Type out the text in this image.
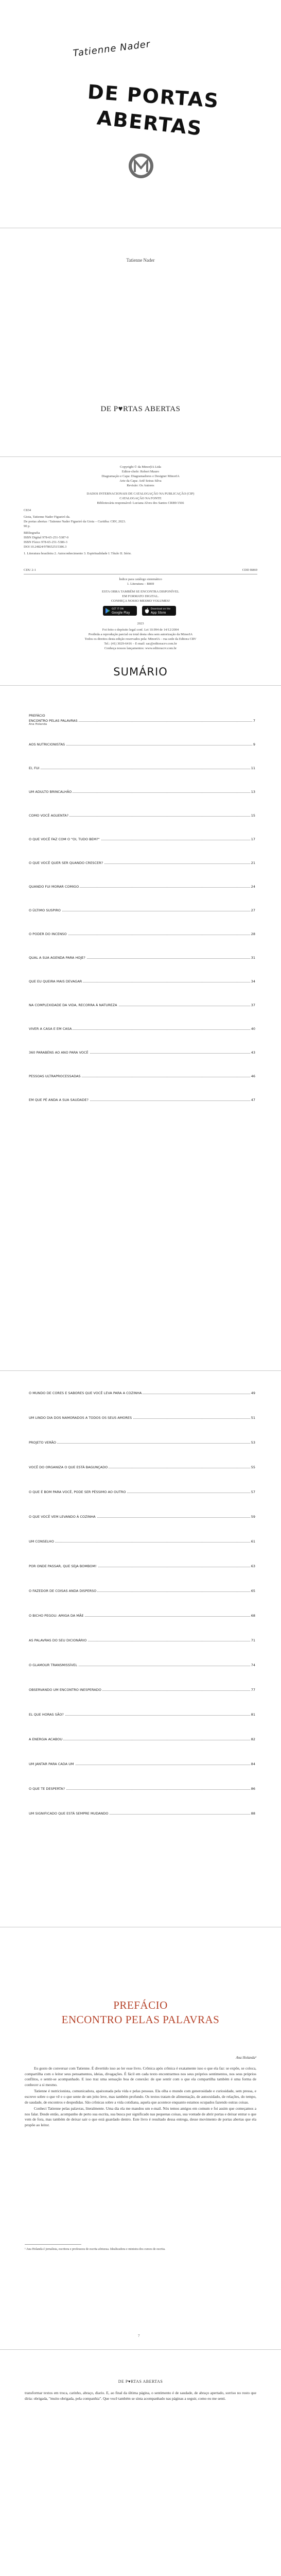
Tatienne Nader
DE PORTAS
ABERTAS
Tatienne Nader
DE P♥RTAS ABERTAS
Copyright © da Minor|IA Ltda
Editor-chefe: Robert Mauro
Diagramação e Capa: Diagramadores e Designer MinorIA
Arte da Capa: Ariê Seiras Silva
Revisão: Os Autores
DADOS INTERNACIONAIS DE CATALOGAÇÃO NA PUBLICAÇÃO (CIP)
CATALOGAÇÃO NA FONTE
Bibliotecária responsável: Luciana Alves dos Santos CRB9/1566
C834
Gioia, Tatienne Nader Figueiró da.
De portas abertas / Tatienne Nader Figueiró da Gioia – Curitiba: CRV, 2023.
90 p.
Bibliografia
ISBN Digital 978-65-251-5387-0
ISBN Físico 978-65-251-5386-3
DOI 10.24824/978652515386.3
1. Literatura brasileira 2. Autoconhecimento 3. Espiritualidade I. Título II. Série.
CDU 2-1	CDD B869
Índice para catálogo sistemático
1. Literatura – B869
ESTA OBRA TAMBÉM SE ENCONTRA DISPONÍVEL
EM FORMATO DIGITAL.
CONHEÇA NOSSO MESMO VOLUMES!
GET IT ON
Google Play
Download on the
App Store
2023
Foi feito o depósito legal conf. Lei 10.994 de 14/12/2004
Proibida a reprodução parcial ou total desta obra sem autorização da MinorIA
Todos os direitos desta edição reservados pela: MinorIA – rua sede da Editora CRV
Tel.: (41) 3029-6416 – E-mail: sac@editoracrv.com.br
Conheça nossos lançamentos: www.editoracrv.com.br
SUMÁRIO
PREFÁCIO
ENCONTRO PELAS PALAVRAS	7
Ana Holanda
AOS NUTRICIONISTAS	9
EI, FUI	11
UM ADULTO BRINCALHÃO	13
COMO VOCÊ AGUENTA?	15
O QUE VOCÊ FAZ COM O "OI, TUDO BEM?"	17
O QUE VOCÊ QUER SER QUANDO CRESCER?	21
QUANDO FUI MORAR COMIGO	24
O ÚLTIMO SUSPIRO	27
O PODER DO INCENSO	28
QUAL A SUA AGENDA PARA HOJE?	31
QUE EU QUEIRA MAIS DEVAGAR	34
NA COMPLEXIDADE DA VIDA, RECORRA À NATUREZA	37
VIVER A CASA E EM CASA	40
360 PARABÉNS AO ANO PARA VOCÊ	43
PESSOAS ULTRAPROCESSADAS	46
EM QUE PÉ ANDA A SUA SAUDADE?	47
O MUNDO DE CORES E SABORES QUE VOCÊ LEVA PARA A COZINHA	49
UM LINDO DIA DOS NAMORADOS A TODOS OS SEUS AMORES	51
PROJETO VERÃO	53
VOCÊ DO ORGANIZA O QUE ESTÁ BAGUNÇADO	55
O QUE É BOM PARA VOCÊ, PODE SER PÉSSIMO AO OUTRO	57
O QUE VOCÊ VEM LEVANDO À COZINHA	59
UM CONSELHO	61
POR ONDE PASSAR, QUE SEJA BOMBOM!	63
O FAZEDOR DE COISAS ANDA DISPERSO	65
O BICHO PEGOU: AMIGA DA MÃE	68
AS PALAVRAS DO SEU DICIONÁRIO	71
O GLAMOUR TRANSMISSÍVEL	74
OBSERVANDO UM ENCONTRO INESPERADO	77
EL QUE HORAS SÃO?	81
A ENERGIA ACABOU	82
UM JANTAR PARA CADA UM	84
O QUE TE DESPERTA?	86
UM SIGNIFICADO QUE ESTÁ SEMPRE MUDANDO	88
PREFÁCIO
ENCONTRO PELAS PALAVRAS
Ana Holanda¹

Eu gosto de conversar com Tatienne. É divertido isso ao ler esse livro. Crônica após crônica é exatamente isso o que ela faz: se expõe, se coloca, compartilha com o leitor seus pensamentos, ideias, divagações. É fácil em cada texto encontrarmos nos seus próprios sentimentos, nos seus próprios conflitos, e sentir-se acompanhado. E isso traz uma sensação boa de conexão: de que sentir com o que ela compartilha também é uma forma de conhecer a si mesmo.

Tatienne é nutricionista, comunicadora, apaixonada pela vida e pelas pessoas. Ela olha o mundo com generosidade e curiosidade, sem pressa, e escreve sobre o que vê e o que sente de um jeito leve, mas também profundo. Os textos tratam de alimentação, de autocuidado, de relações, do tempo, de saudade, de encontros e despedidas. São crônicas sobre a vida cotidiana, aquela que acontece enquanto estamos ocupados fazendo outras coisas.

Conheci Tatienne pelas palavras, literalmente. Uma dia ela me mandou um e-mail. Nós temos amigos em comum e foi assim que começamos a nos falar. Desde então, acompanho de perto sua escrita, sua busca por significado nas pequenas coisas, sua vontade de abrir portas e deixar entrar o que vem de fora, mas também de deixar sair o que está guardado dentro. Este livro é resultado dessa entrega, desse movimento de portas abertas que ela propõe ao leitor.

¹ Ana Holanda é jornalista, escritora e professora de escrita afetuosa. Idealizadora e ministra dos cursos de escrita.
7
DE P♥RTAS ABERTAS
transformar textos em troca, carinho, abraço, diario. E, ao final da última página, o sentimento é de saudade, de abraço apertado, sorriso no rosto que diria: obrigada, "muito obrigada, pela companhia". Que você também se sinta acompanhado nas páginas a seguir, como eu me senti.
